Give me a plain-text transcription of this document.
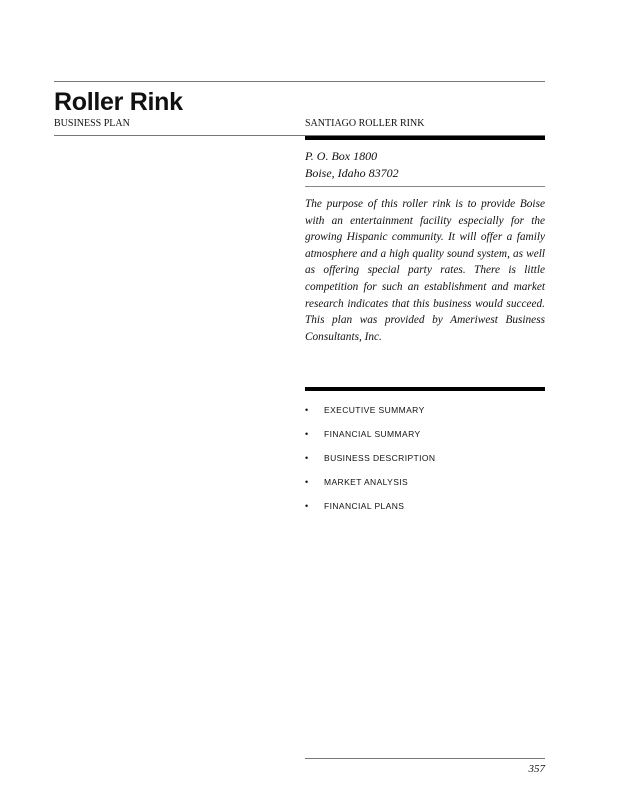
Roller Rink
BUSINESS PLAN	SANTIAGO ROLLER RINK
P. O. Box 1800
Boise, Idaho 83702

The purpose of this roller rink is to provide Boise with an entertainment facility especially for the growing Hispanic community. It will offer a family atmosphere and a high quality sound system, as well as offering special party rates. There is little competition for such an establishment and market research indicates that this business would succeed. This plan was provided by Ameriwest Business Consultants, Inc.

•	EXECUTIVE SUMMARY
•	FINANCIAL SUMMARY
•	BUSINESS DESCRIPTION
•	MARKET ANALYSIS
•	FINANCIAL PLANS
357
